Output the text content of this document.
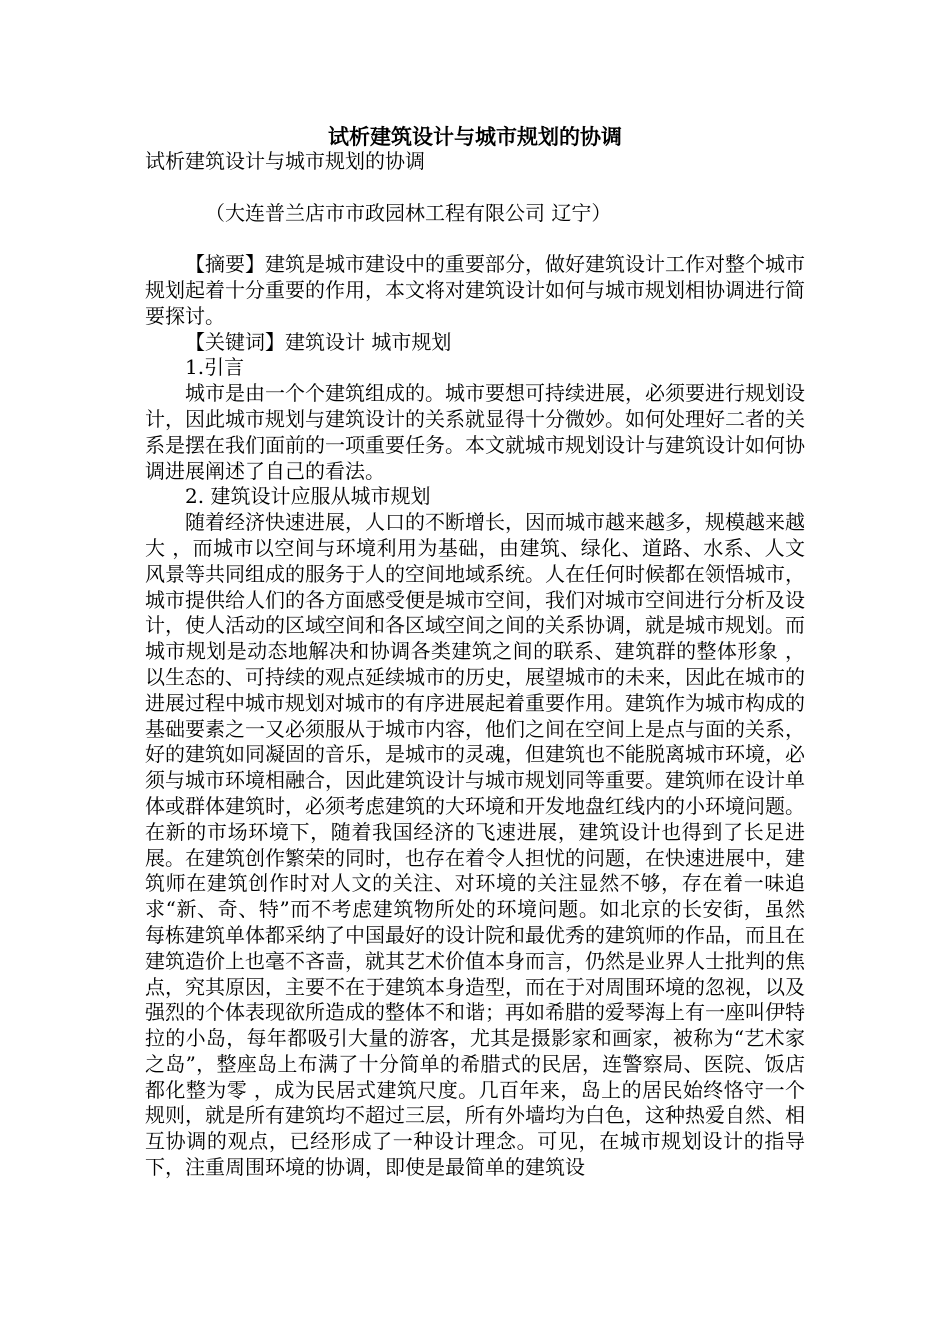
试析建筑设计与城市规划的协调

试析建筑设计与城市规划的协调

（大连普兰店市市政园林工程有限公司 辽宁）

【摘要】建筑是城市建设中的重要部分，做好建筑设计工作对整个城市规划起着十分重要的作用，本文将对建筑设计如何与城市规划相协调进行简要探讨。

【关键词】建筑设计 城市规划

1.引言

城市是由一个个建筑组成的。城市要想可持续进展，必须要进行规划设计，因此城市规划与建筑设计的关系就显得十分微妙。如何处理好二者的关系是摆在我们面前的一项重要任务。本文就城市规划设计与建筑设计如何协调进展阐述了自己的看法。

2. 建筑设计应服从城市规划

随着经济快速进展，人口的不断增长，因而城市越来越多，规模越来越大 ，而城市以空间与环境利用为基础，由建筑、绿化、道路、水系、人文风景等共同组成的服务于人的空间地域系统。人在任何时候都在领悟城市，城市提供给人们的各方面感受便是城市空间，我们对城市空间进行分析及设计，使人活动的区域空间和各区域空间之间的关系协调，就是城市规划。而城市规划是动态地解决和协调各类建筑之间的联系、建筑群的整体形象 ，以生态的、可持续的观点延续城市的历史，展望城市的未来，因此在城市的进展过程中城市规划对城市的有序进展起着重要作用。建筑作为城市构成的基础要素之一又必须服从于城市内容，他们之间在空间上是点与面的关系，好的建筑如同凝固的音乐，是城市的灵魂，但建筑也不能脱离城市环境，必须与城市环境相融合，因此建筑设计与城市规划同等重要。建筑师在设计单体或群体建筑时，必须考虑建筑的大环境和开发地盘红线内的小环境问题。在新的市场环境下，随着我国经济的飞速进展，建筑设计也得到了长足进展。在建筑创作繁荣的同时，也存在着令人担忧的问题，在快速进展中，建筑师在建筑创作时对人文的关注、对环境的关注显然不够，存在着一味追求“新、奇、特”而不考虑建筑物所处的环境问题。如北京的长安街，虽然每栋建筑单体都采纳了中国最好的设计院和最优秀的建筑师的作品，而且在建筑造价上也毫不吝啬，就其艺术价值本身而言，仍然是业界人士批判的焦点，究其原因，主要不在于建筑本身造型，而在于对周围环境的忽视，以及强烈的个体表现欲所造成的整体不和谐；再如希腊的爱琴海上有一座叫伊特拉的小岛，每年都吸引大量的游客，尤其是摄影家和画家，被称为“艺术家之岛”，整座岛上布满了十分简单的希腊式的民居，连警察局、医院、饭店都化整为零 ，成为民居式建筑尺度。几百年来，岛上的居民始终恪守一个规则，就是所有建筑均不超过三层，所有外墙均为白色，这种热爱自然、相互协调的观点，已经形成了一种设计理念。可见，在城市规划设计的指导下，注重周围环境的协调，即使是最简单的建筑设
